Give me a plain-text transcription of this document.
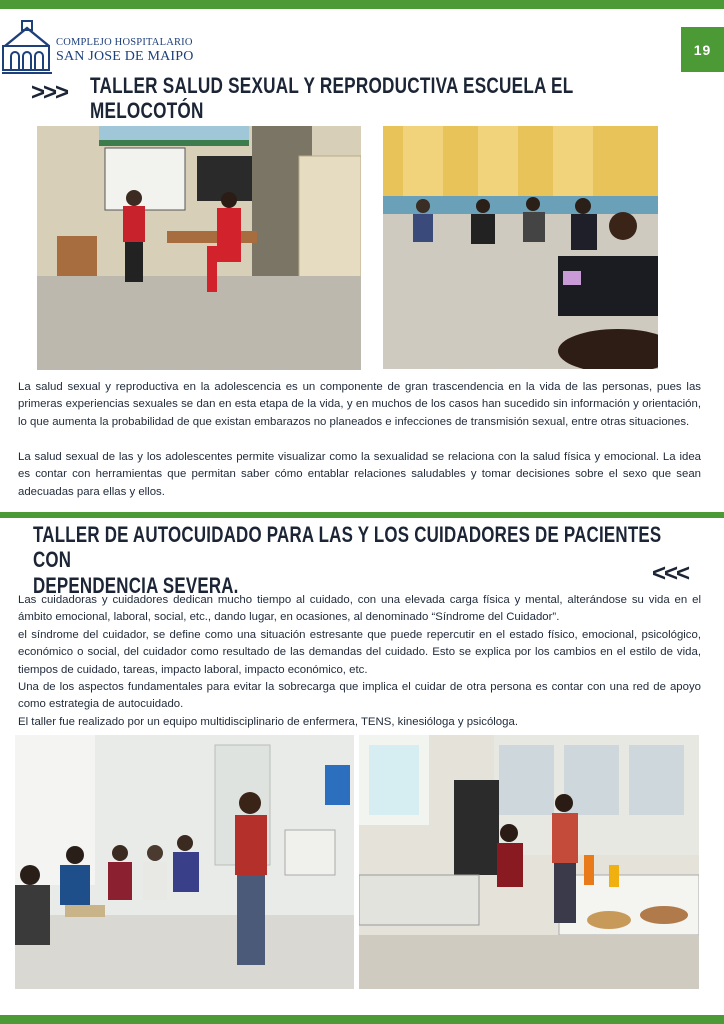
COMPLEJO HOSPITALARIO
SAN JOSE DE MAIPO	19
>>> TALLER SALUD SEXUAL Y REPRODUCTIVA ESCUELA EL MELOCOTÓN

La salud sexual y reproductiva en la adolescencia es un componente de gran trascendencia en la vida de las personas, pues las primeras experiencias sexuales se dan en esta etapa de la vida, y en muchos de los casos han sucedido sin información y orientación, lo que aumenta la probabilidad de que existan embarazos no planeados e infecciones de transmisión sexual, entre otras situaciones.

La salud sexual de las y los adolescentes permite visualizar como la sexualidad se relaciona con la salud física y emocional. La idea es contar con herramientas que permitan saber cómo entablar relaciones saludables y tomar decisiones sobre el sexo que sean adecuadas para ellas y ellos.

TALLER DE AUTOCUIDADO PARA LAS Y LOS CUIDADORES DE PACIENTES CON
DEPENDENCIA SEVERA.	<<<

Las cuidadoras y cuidadores dedican mucho tiempo al cuidado, con una elevada carga física y mental, alterándose su vida en el ámbito emocional, laboral, social, etc., dando lugar, en ocasiones, al denominado “Síndrome del Cuidador”.

el síndrome del cuidador, se define como una situación estresante que puede repercutir en el estado físico, emocional, psicológico, económico o social, del cuidador como resultado de las demandas del cuidado. Esto se explica por los cambios en el estilo de vida, tiempos de cuidado, tareas, impacto laboral, impacto económico, etc.

Una de los aspectos fundamentales para evitar la sobrecarga que implica el cuidar de otra persona es contar con una red de apoyo como estrategia de autocuidado.

El taller fue realizado por un equipo multidisciplinario de enfermera, TENS, kinesióloga y psicóloga.
